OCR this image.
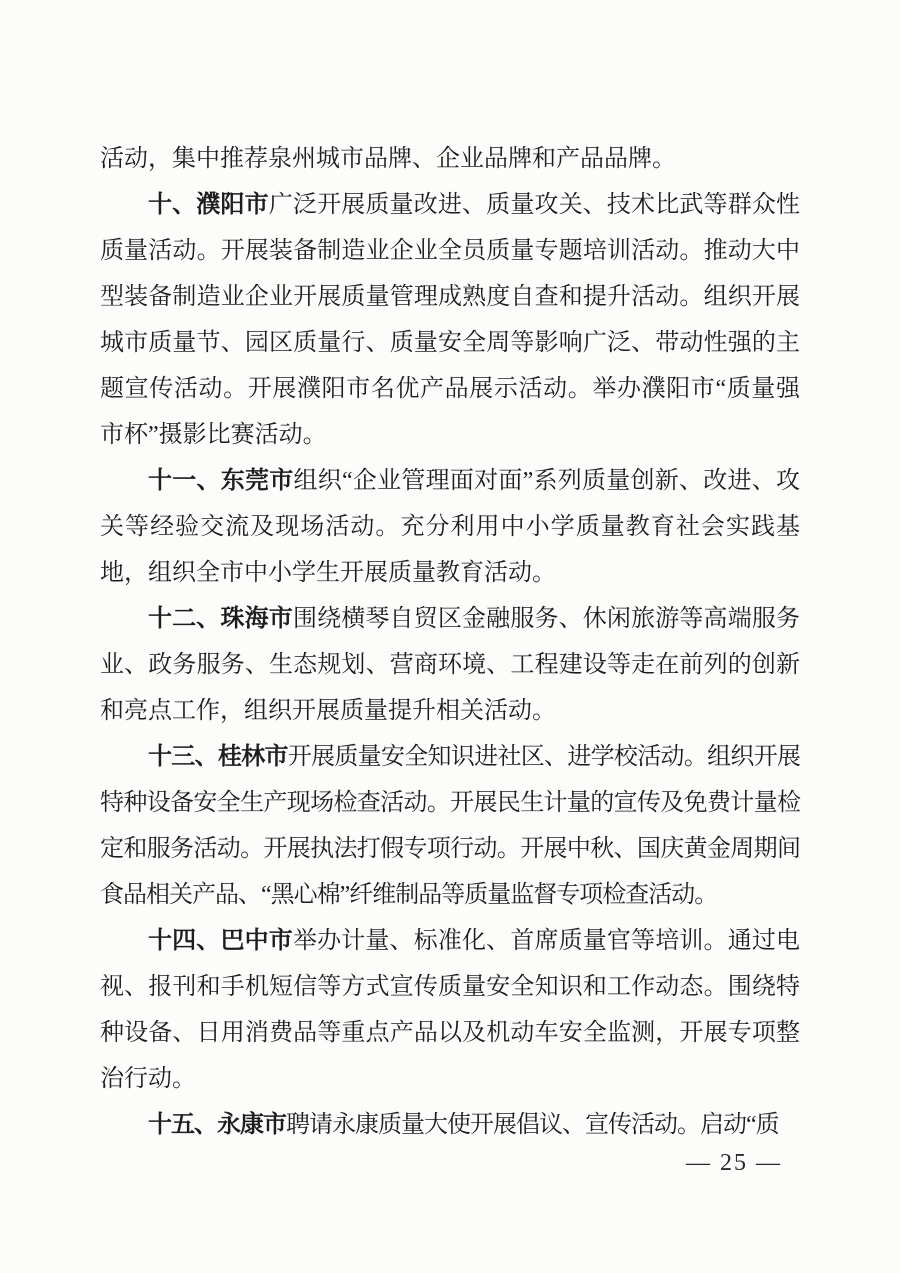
活动，集中推荐泉州城市品牌、企业品牌和产品品牌。

十、濮阳市广泛开展质量改进、质量攻关、技术比武等群众性质量活动。开展装备制造业企业全员质量专题培训活动。推动大中型装备制造业企业开展质量管理成熟度自查和提升活动。组织开展城市质量节、园区质量行、质量安全周等影响广泛、带动性强的主题宣传活动。开展濮阳市名优产品展示活动。举办濮阳市“质量强市杯”摄影比赛活动。

十一、东莞市组织“企业管理面对面”系列质量创新、改进、攻关等经验交流及现场活动。充分利用中小学质量教育社会实践基地，组织全市中小学生开展质量教育活动。

十二、珠海市围绕横琴自贸区金融服务、休闲旅游等高端服务业、政务服务、生态规划、营商环境、工程建设等走在前列的创新和亮点工作，组织开展质量提升相关活动。

十三、桂林市开展质量安全知识进社区、进学校活动。组织开展特种设备安全生产现场检查活动。开展民生计量的宣传及免费计量检定和服务活动。开展执法打假专项行动。开展中秋、国庆黄金周期间食品相关产品、“黑心棉”纤维制品等质量监督专项检查活动。

十四、巴中市举办计量、标准化、首席质量官等培训。通过电视、报刊和手机短信等方式宣传质量安全知识和工作动态。围绕特种设备、日用消费品等重点产品以及机动车安全监测，开展专项整治行动。

十五、永康市聘请永康质量大使开展倡议、宣传活动。启动“质

— 25 —
